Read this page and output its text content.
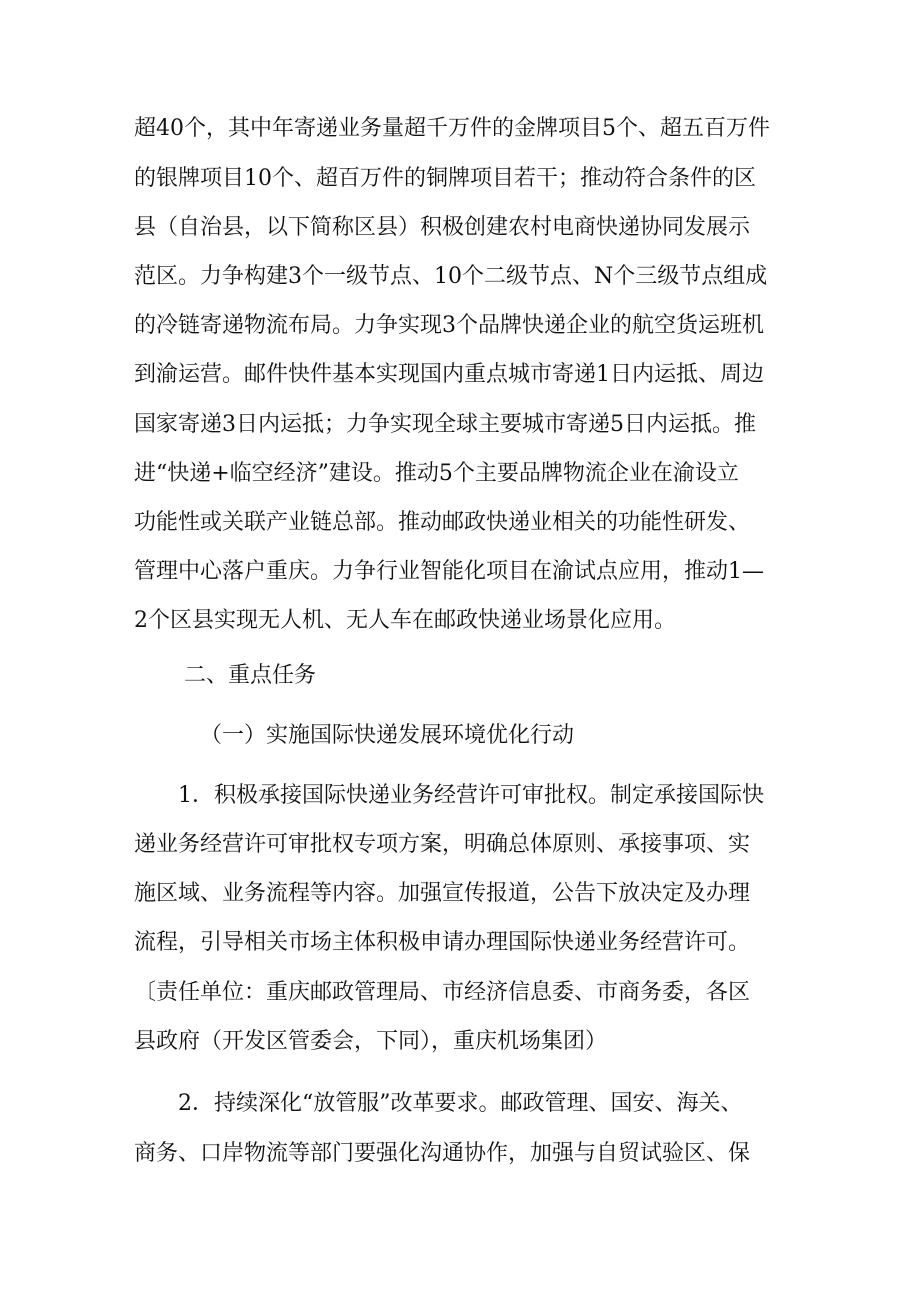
超40个，其中年寄递业务量超千万件的金牌项目5个、超五百万件
的银牌项目10个、超百万件的铜牌项目若干；推动符合条件的区
县（自治县，以下简称区县）积极创建农村电商快递协同发展示
范区。力争构建3个一级节点、10个二级节点、N个三级节点组成
的冷链寄递物流布局。力争实现3个品牌快递企业的航空货运班机
到渝运营。邮件快件基本实现国内重点城市寄递1日内运抵、周边
国家寄递3日内运抵；力争实现全球主要城市寄递5日内运抵。推
进“快递+临空经济”建设。推动5个主要品牌物流企业在渝设立
功能性或关联产业链总部。推动邮政快递业相关的功能性研发、
管理中心落户重庆。力争行业智能化项目在渝试点应用，推动1—
2个区县实现无人机、无人车在邮政快递业场景化应用。
二、重点任务
（一）实施国际快递发展环境优化行动
1．积极承接国际快递业务经营许可审批权。制定承接国际快
递业务经营许可审批权专项方案，明确总体原则、承接事项、实
施区域、业务流程等内容。加强宣传报道，公告下放决定及办理
流程，引导相关市场主体积极申请办理国际快递业务经营许可。
〔责任单位：重庆邮政管理局、市经济信息委、市商务委，各区
县政府（开发区管委会，下同），重庆机场集团）
2．持续深化“放管服”改革要求。邮政管理、国安、海关、
商务、口岸物流等部门要强化沟通协作，加强与自贸试验区、保
